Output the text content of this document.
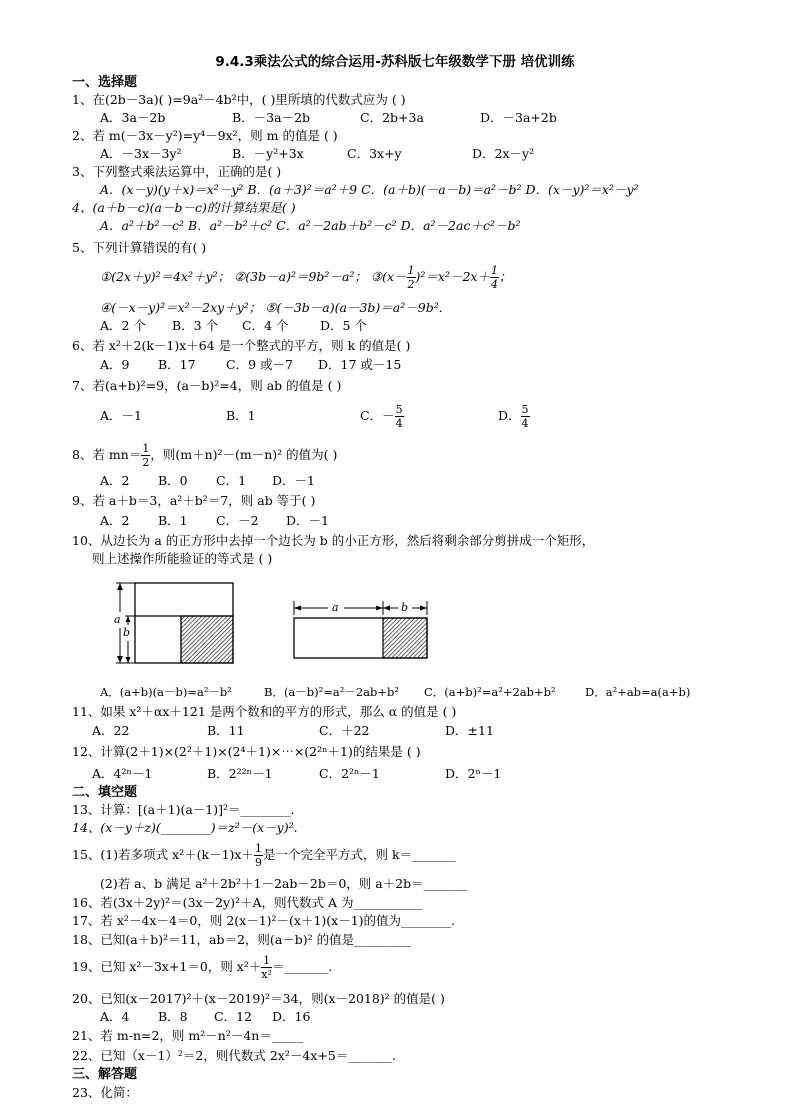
9.4.3乘法公式的综合运用-苏科版七年级数学下册 培优训练
一、选择题
1、在(2b－3a)( )=9a²－4b²中，( )里所填的代数式应为 ( )
A．3a－2b	B．－3a－2b	C．2b+3a	D．－3a+2b
2、若 m(－3x－y²)=y⁴－9x²，则 m 的值是 ( )
A．－3x－3y²	B．－y²+3x	C．3x+y	D．2x－y²
3、下列整式乘法运算中，正确的是( )
A．(x－y)(y＋x)＝x²－y² B．(a＋3)²＝a²＋9 C．(a＋b)(－a－b)＝a²－b² D．(x－y)²＝x²－y²
4、(a＋b－c)(a－b－c)的计算结果是( )
A．a²＋b²－c² B．a²－b²＋c² C．a²－2ab＋b²－c² D．a²－2ac＋c²－b²
5、下列计算错误的有( )
①(2x＋y)²＝4x²＋y²； ②(3b－a)²＝9b²－a²； ③(x－ $\frac{1}{2} )^2=x^2-2x+ \frac{1}{4}$ ；
④(－x－y)²＝x²－2xy＋y²； ⑤(－3b－a)(a－3b)＝a²－9b².
A．2 个 B．3 个 C．4 个	D．5 个
6、若 x²＋2(k－1)x＋64 是一个整式的平方，则 k 的值是( )
A．9 B．17 C．9 或－7 D．17 或－15
7、若(a+b)²=9，(a－b)²=4，则 ab 的值是 ( )
A．－1	B．1	C．－ $\frac{5}{4}$	D． $\frac{5}{4}$
8、若 $mn= \frac{1}{2}$ ，则(m＋n)²－(m－n)² 的值为( )
A．2 B．0 C．1 D．－1
9、若 a＋b＝3，a²＋b²＝7，则 ab 等于( )
A．2 B．1 C．－2 D．－1
10、从边长为 a 的正方形中去掉一个边长为 b 的小正方形，然后将剩余部分剪拼成一个矩形，
则上述操作所能验证的等式是 ( )
a
b
a	b
A．(a+b)(a－b)=a²－b²	B．(a－b)²=a²－2ab+b² C．(a+b)²=a²+2ab+b²	D．a²+ab=a(a+b)
11、如果 x²＋αx＋121 是两个数和的平方的形式，那么 α 的值是 ( )
A．22	B．11	C．＋22	D．±11
12、计算(2＋1)×(2²＋1)×(2⁴＋1)×⋯×(2²ⁿ＋1)的结果是 ( )
A．4²ⁿ－1	B．2²²ⁿ－1	C．2²ⁿ－1	D．2ⁿ－1
二、填空题
13、计算：[(a＋1)(a－1)]²＝________.
14、(x－y＋z)(________)＝z²－(x－y)².
15、(1)若多项式 $x^2+(k-1)x+ \frac{1}{9}$ 是一个完全平方式，则 k＝_______
(2)若 a、b 满足 a²＋2b²＋1－2ab－2b＝0，则 a＋2b＝_______
16、若(3x＋2y)²＝(3x－2y)²＋A，则代数式 A 为___________
17、若 x²－4x－4＝0，则 2(x－1)²－(x＋1)(x－1)的值为________.
18、已知(a＋b)²＝11，ab＝2，则(a－b)² 的值是_________
19、已知 x²－3x+1＝0，则 $x^2+ \frac{1}{\text{x²}}$ ＝_______.
20、已知(x－2017)²＋(x－2019)²＝34，则(x－2018)² 的值是( )
A．4 B．8 C．12 D．16
21、若 m-n=2，则 m²－n²－4n＝_____
22、已知（x－1）²＝2，则代数式 2x²－4x+5＝_______.
三、解答题
23、化简：
